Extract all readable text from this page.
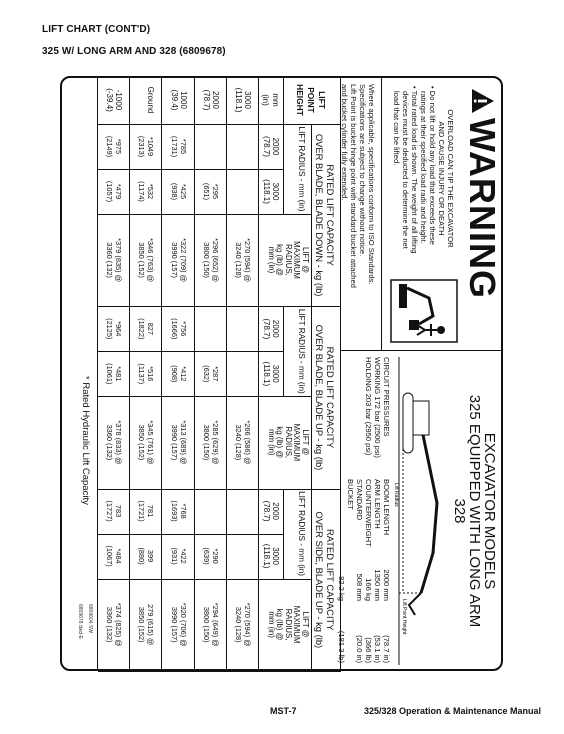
LIFT CHART (CONT'D)
325 W/ LONG ARM AND 328 (6809678)
WARNING
OVERLOAD CAN TIP THE EXCAVATOR
AND CAUSE INJURY OR DEATH
• Do not lift or hold any load that exceeds these
ratings at their specified load radii and height.
• Total rated load is shown. The weight of all lifting
devices must be deducted to determine the net
load that can be lifted.
Where applicable, specifications conform to ISO Standards.
Specifications are subject to change without notice.
Lift Point is bucket hinge point with standard bucket attached
and bucket cylinder fully extended.
EXCAVATOR MODELS
325 EQUIPPED WITH LONG ARM
328
Lift Point Height
Lift Radius
CIRCUIT PRESSURES
WORKING 172 bar (2500 psi)
HOLDING 203 bar (2950 psi)
BOOM LENGTH
2000 mm
(78.7 in)
ARM LENGTH
1350 mm
(53.1 in)
COUNTERWEIGHT
166 kg
(366 lb)
STANDARD BUCKET
508 mm
(20.0 in)
82.2 kg
(181.3 lb)
LIFT
POINT
HEIGHT
mm
(in)
RATED LIFT CAPACITY
OVER BLADE, BLADE DOWN - kg (lb)
LIFT RADIUS - mm (in)
2000
(78.7)
3000
(118.1)
LIFT @
MAXIMUM
RADIUS,
kg (lb) @
mm (in)
RATED LIFT CAPACITY
OVER BLADE, BLADE UP - kg (lb)
LIFT RADIUS - mm (in)
2000
(78.7)
3000
(118.1)
LIFT @
MAXIMUM
RADIUS,
kg (lb) @
mm (in)
RATED LIFT CAPACITY
OVER SIDE, BLADE UP - kg (lb)
LIFT RADIUS - mm (in)
2000
(78.7)
3000
(118.1)
LIFT @
MAXIMUM
RADIUS,
kg (lb) @
mm (in)
3000
(118.1)
*270 (594) @
3240 (128)
*266 (586) @
3240 (128)
*270 (594) @
3240 (128)
2000
(78.7)
*295
(651)
*296 (652) @
3800 (150)
*287
(632)
*285 (629) @
3800 (150)
*290
(639)
*294 (649) @
3800 (150)
1000
(39.4)
*785
(1731)
*425
(938)
*322 (709) @
3990 (157)
*756
(1666)
*412
(908)
*313 (689) @
3990 (157)
*768
(1693)
*422
(931)
*320 (706) @
3990 (157)
Ground
*1049
(2313)
*532
(1174)
*346 (763) @
3850 (152)
827
(1822)
*516
(1137)
*345 (761) @
3850 (152)
781
(1721)
399
(880)
279 (615) @
3850 (152)
-1000
(-39.4)
*975
(2149)
*479
(1057)
*379 (835) @
3360 (132)
*964
(2125)
*481
(1061)
*378 (833) @
3360 (132)
783
(1727)
*484
(1067)
*374 (825) @
3360 (132)
* Rated Hydraulic Lift Capacity
6809604 SW
6809678 dwd-E
MST-7	325/328 Operation & Maintenance Manual
